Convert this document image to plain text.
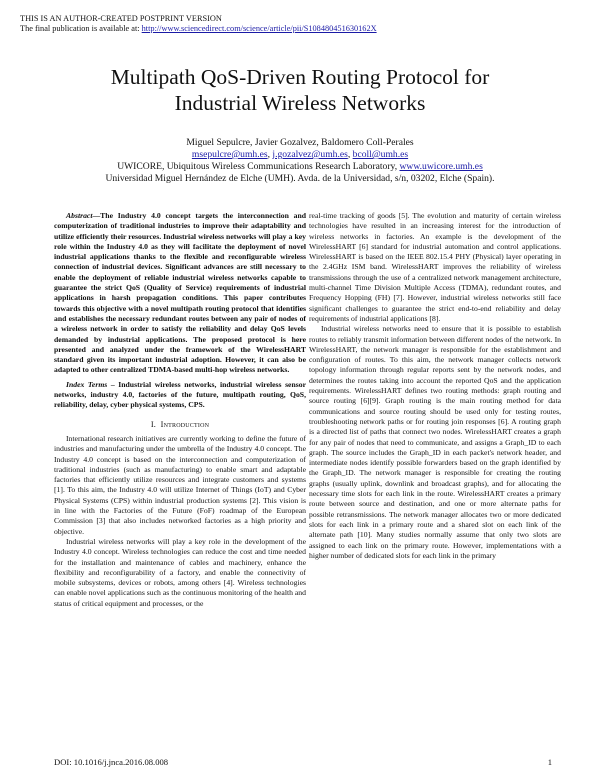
THIS IS AN AUTHOR-CREATED POSTPRINT VERSION
The final publication is available at: http://www.sciencedirect.com/science/article/pii/S108480451630162X
Multipath QoS-Driven Routing Protocol for
Industrial Wireless Networks
Miguel Sepulcre, Javier Gozalvez, Baldomero Coll-Perales
msepulcre@umh.es, j.gozalvez@umh.es, bcoll@umh.es
UWICORE, Ubiquitous Wireless Communications Research Laboratory, www.uwicore.umh.es
Universidad Miguel Hernández de Elche (UMH). Avda. de la Universidad, s/n, 03202, Elche (Spain).

Abstract—The Industry 4.0 concept targets the interconnection and computerization of traditional industries to improve their adaptability and utilize efficiently their resources. Industrial wireless networks will play a key role within the Industry 4.0 as they will facilitate the deployment of novel industrial applications thanks to the flexible and reconfigurable wireless connection of industrial devices. Significant advances are still necessary to enable the deployment of reliable industrial wireless networks capable to guarantee the strict QoS (Quality of Service) requirements of industrial applications in harsh propagation conditions. This paper contributes towards this objective with a novel multipath routing protocol that identifies and establishes the necessary redundant routes between any pair of nodes of a wireless network in order to satisfy the reliability and delay QoS levels demanded by industrial applications. The proposed protocol is here presented and analyzed under the framework of the WirelessHART standard given its important industrial adoption. However, it can also be adapted to other centralized TDMA-based multi-hop wireless networks.

Index Terms – Industrial wireless networks, industrial wireless sensor networks, industry 4.0, factories of the future, multipath routing, QoS, reliability, delay, cyber physical systems, CPS.

I. Introduction

International research initiatives are currently working to define the future of industries and manufacturing under the umbrella of the Industry 4.0 concept. The Industry 4.0 concept is based on the interconnection and computerization of traditional industries (such as manufacturing) to enable smart and adaptable factories that efficiently utilize resources and integrate customers and systems [1]. To this aim, the Industry 4.0 will utilize Internet of Things (IoT) and Cyber Physical Systems (CPS) within industrial production systems [2]. This vision is in line with the Factories of the Future (FoF) roadmap of the European Commission [3] that also includes networked factories as a high priority and objective.

Industrial wireless networks will play a key role in the development of the Industry 4.0 concept. Wireless technologies can reduce the cost and time needed for the installation and maintenance of cables and machinery, enhance the flexibility and reconfigurability of a factory, and enable the connectivity of mobile subsystems, devices or robots, among others [4]. Wireless technologies can enable novel applications such as the continuous monitoring of the health and status of critical equipment and processes, or the

real-time tracking of goods [5]. The evolution and maturity of certain wireless technologies have resulted in an increasing interest for the introduction of wireless networks in factories. An example is the development of the WirelessHART [6] standard for industrial automation and control applications. WirelessHART is based on the IEEE 802.15.4 PHY (Physical) layer operating in the 2.4GHz ISM band. WirelessHART improves the reliability of wireless transmissions through the use of a centralized network management architecture, multi-channel Time Division Multiple Access (TDMA), redundant routes, and Frequency Hopping (FH) [7]. However, industrial wireless networks still face significant challenges to guarantee the strict end-to-end reliability and delay requirements of industrial applications [8].

Industrial wireless networks need to ensure that it is possible to establish routes to reliably transmit information between different nodes of the network. In WirelessHART, the network manager is responsible for the establishment and configuration of routes. To this aim, the network manager collects network topology information through regular reports sent by the network nodes, and determines the routes taking into account the reported QoS and the application requirements. WirelessHART defines two routing methods: graph routing and source routing [6][9]. Graph routing is the main routing method for data communications and source routing should be used only for testing routes, troubleshooting network paths or for routing join responses [6]. A routing graph is a directed list of paths that connect two nodes. WirelessHART creates a graph for any pair of nodes that need to communicate, and assigns a Graph_ID to each graph. The source includes the Graph_ID in each packet's network header, and intermediate nodes identify possible forwarders based on the graph identified by the Graph_ID. The network manager is responsible for creating the routing graphs (usually uplink, downlink and broadcast graphs), and for allocating the necessary time slots for each link in the route. WirelessHART creates a primary route between source and destination, and one or more alternate paths for possible retransmissions. The network manager allocates two or more dedicated slots for each link in a primary route and a shared slot on each link of the alternate path [10]. Many studies normally assume that only two slots are assigned to each link on the primary route. However, implementations with a higher number of dedicated slots for each link in the primary

DOI: 10.1016/j.jnca.2016.08.008	1
